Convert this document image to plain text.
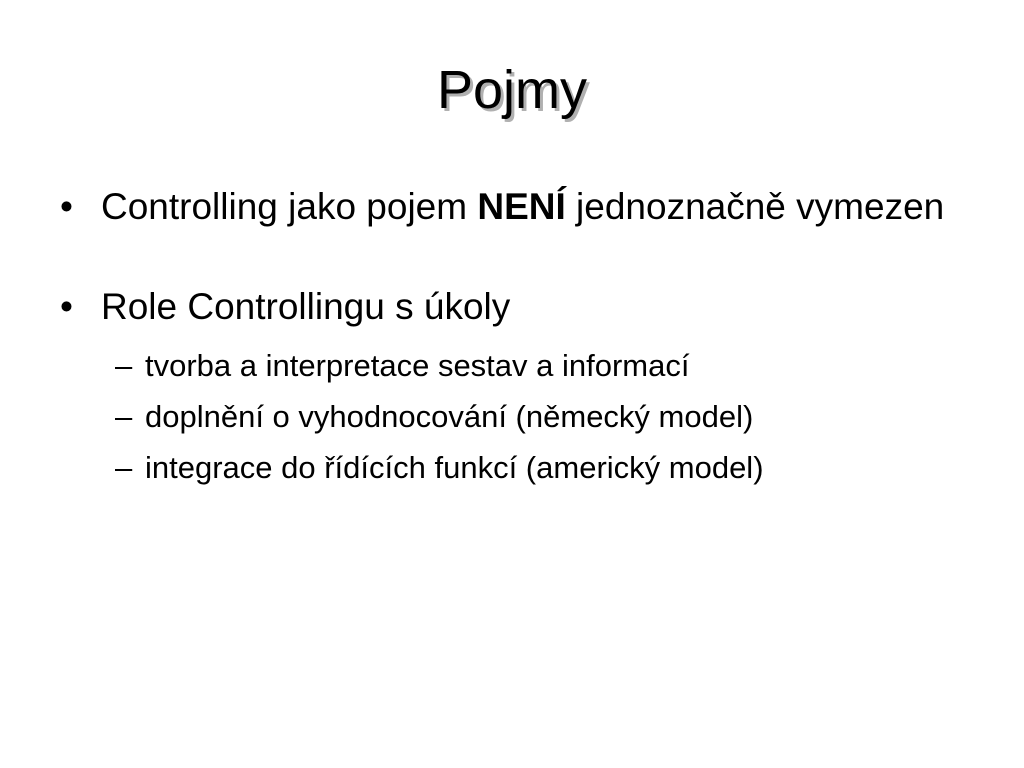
Pojmy
• Controlling jako pojem NENÍ jednoznačně vymezen
• Role Controllingu s úkoly
– tvorba a interpretace sestav a informací
– doplnění o vyhodnocování (německý model)
– integrace do řídících funkcí (americký model)
